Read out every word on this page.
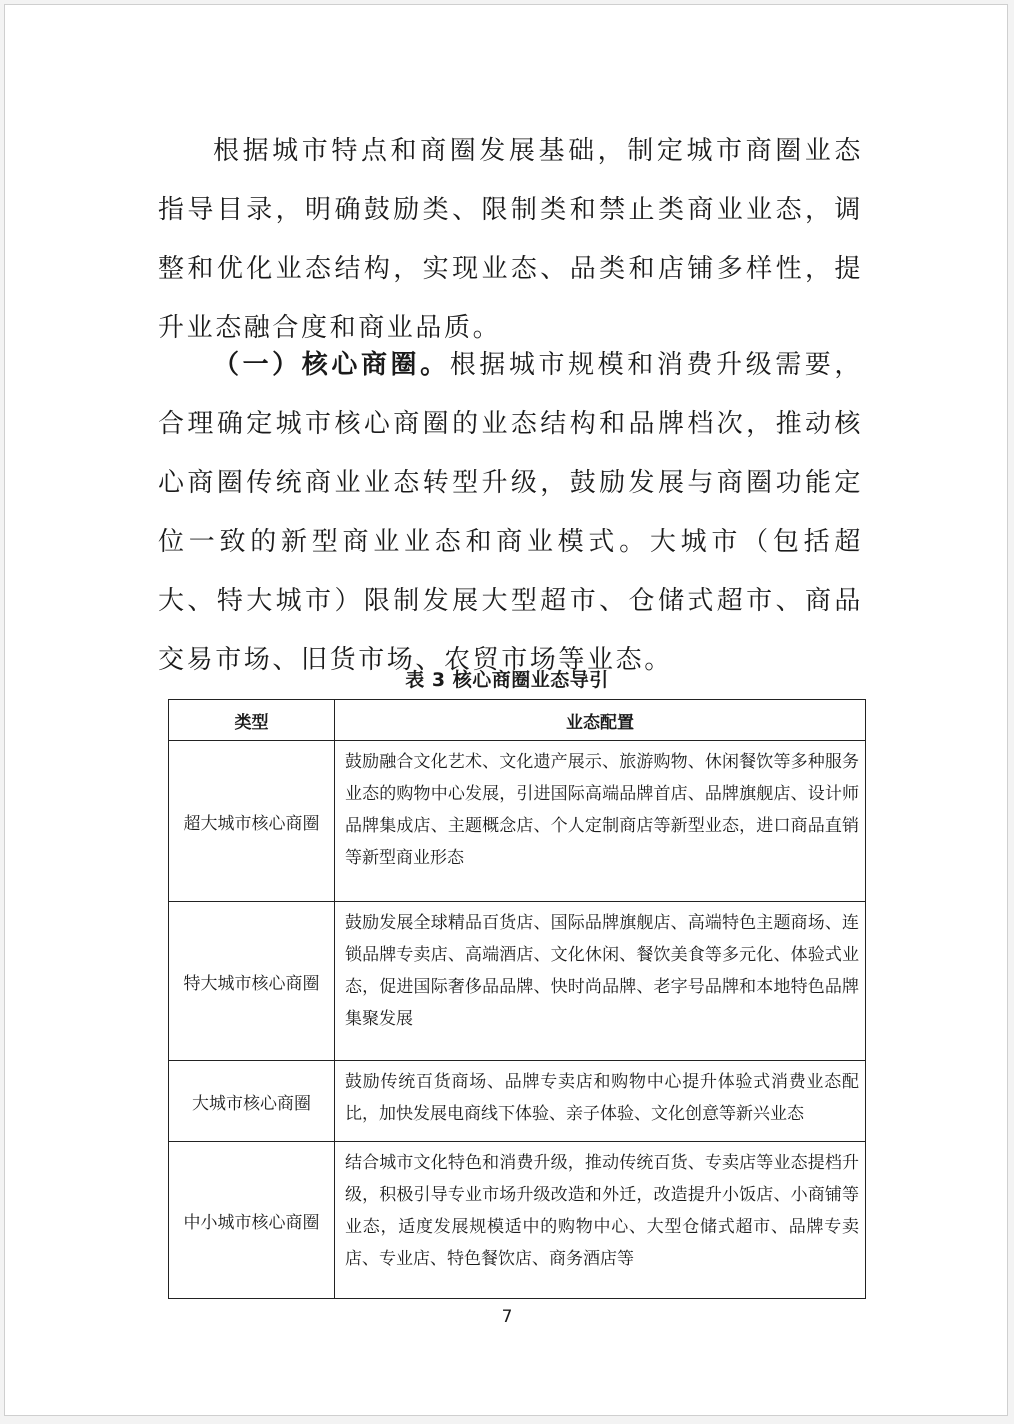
根据城市特点和商圈发展基础，制定城市商圈业态指导目录，明确鼓励类、限制类和禁止类商业业态，调整和优化业态结构，实现业态、品类和店铺多样性，提升业态融合度和商业品质。

（一）核心商圈。根据城市规模和消费升级需要，合理确定城市核心商圈的业态结构和品牌档次，推动核心商圈传统商业业态转型升级，鼓励发展与商圈功能定位一致的新型商业业态和商业模式。大城市（包括超大、特大城市）限制发展大型超市、仓储式超市、商品交易市场、旧货市场、农贸市场等业态。

表 3 核心商圈业态导引
类型	业态配置
超大城市核心商圈	鼓励融合文化艺术、文化遗产展示、旅游购物、休闲餐饮等多种服务业态的购物中心发展，引进国际高端品牌首店、品牌旗舰店、设计师品牌集成店、主题概念店、个人定制商店等新型业态，进口商品直销等新型商业形态
特大城市核心商圈	鼓励发展全球精品百货店、国际品牌旗舰店、高端特色主题商场、连锁品牌专卖店、高端酒店、文化休闲、餐饮美食等多元化、体验式业态，促进国际奢侈品品牌、快时尚品牌、老字号品牌和本地特色品牌集聚发展
大城市核心商圈	鼓励传统百货商场、品牌专卖店和购物中心提升体验式消费业态配比，加快发展电商线下体验、亲子体验、文化创意等新兴业态
中小城市核心商圈	结合城市文化特色和消费升级，推动传统百货、专卖店等业态提档升级，积极引导专业市场升级改造和外迁，改造提升小饭店、小商铺等业态，适度发展规模适中的购物中心、大型仓储式超市、品牌专卖店、专业店、特色餐饮店、商务酒店等
7
